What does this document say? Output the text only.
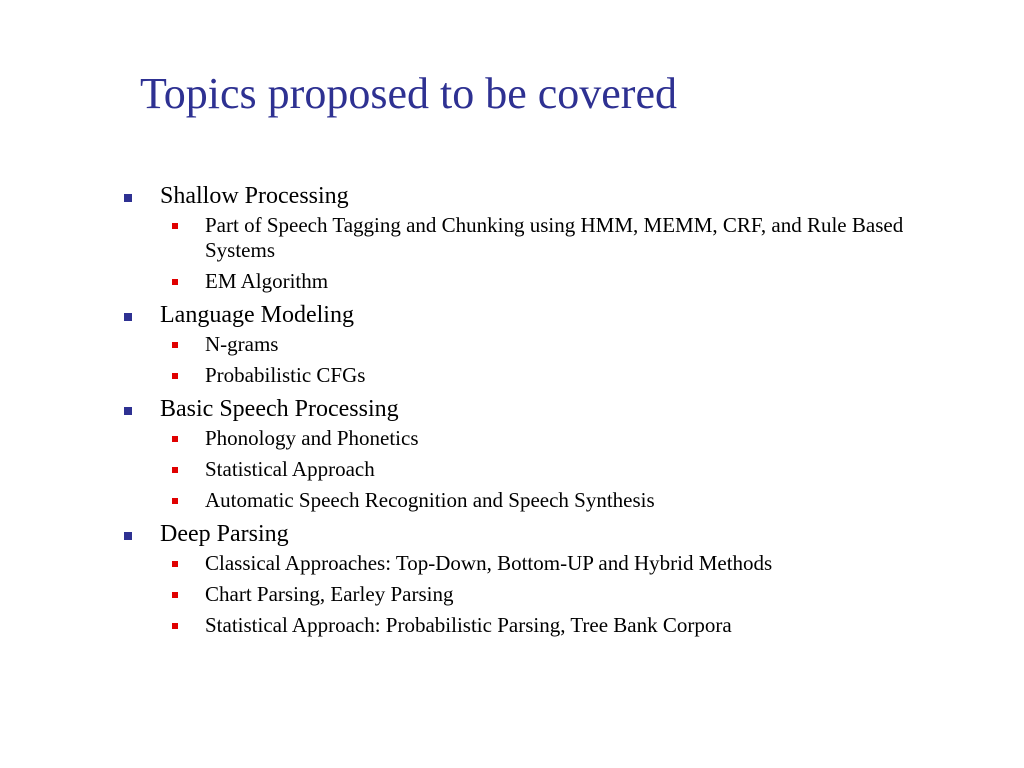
Topics proposed to be covered
Shallow Processing
Part of Speech Tagging and Chunking using HMM, MEMM, CRF, and Rule Based Systems
EM Algorithm
Language Modeling
N-grams
Probabilistic CFGs
Basic Speech Processing
Phonology and Phonetics
Statistical Approach
Automatic Speech Recognition and Speech Synthesis
Deep Parsing
Classical Approaches: Top-Down, Bottom-UP and Hybrid Methods
Chart Parsing, Earley Parsing
Statistical Approach: Probabilistic Parsing, Tree Bank Corpora
